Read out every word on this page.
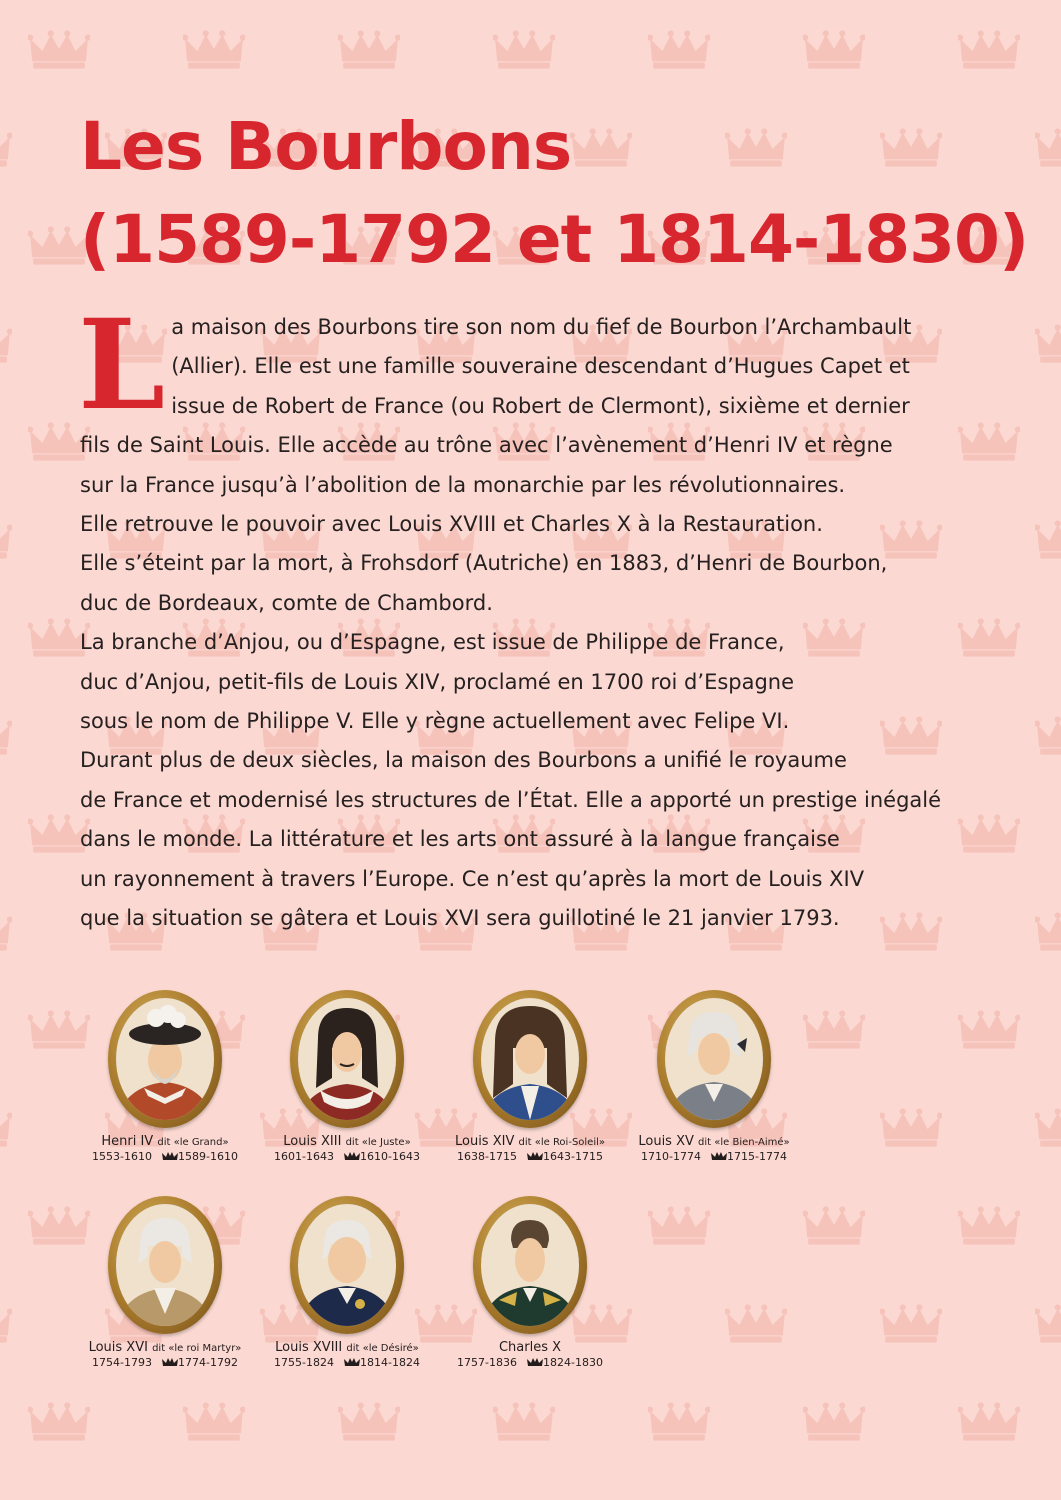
Les Bourbons
(1589-1792 et 1814-1830)
L a maison des Bourbons tire son nom du fief de Bourbon l’Archambault
(Allier). Elle est une famille souveraine descendant d’Hugues Capet et
issue de Robert de France (ou Robert de Clermont), sixième et dernier
fils de Saint Louis. Elle accède au trône avec l’avènement d’Henri IV et règne
sur la France jusqu’à l’abolition de la monarchie par les révolutionnaires.
Elle retrouve le pouvoir avec Louis XVIII et Charles X à la Restauration.
Elle s’éteint par la mort, à Frohsdorf (Autriche) en 1883, d’Henri de Bourbon,
duc de Bordeaux, comte de Chambord.
La branche d’Anjou, ou d’Espagne, est issue de Philippe de France,
duc d’Anjou, petit-fils de Louis XIV, proclamé en 1700 roi d’Espagne
sous le nom de Philippe V. Elle y règne actuellement avec Felipe VI.
Durant plus de deux siècles, la maison des Bourbons a unifié le royaume
de France et modernisé les structures de l’État. Elle a apporté un prestige inégalé
dans le monde. La littérature et les arts ont assuré à la langue française
un rayonnement à travers l’Europe. Ce n’est qu’après la mort de Louis XIV
que la situation se gâtera et Louis XVI sera guillotiné le 21 janvier 1793.

Henri IV dit «le Grand»
1553-1610 1589-1610
Louis XIII dit «le Juste»
1601-1643 1610-1643
Louis XIV dit «le Roi-Soleil»
1638-1715 1643-1715
Louis XV dit «le Bien-Aimé»
1710-1774 1715-1774
Louis XVI dit «le roi Martyr»
1754-1793 1774-1792
Louis XVIII dit «le Désiré»
1755-1824 1814-1824
Charles X
1757-1836 1824-1830
